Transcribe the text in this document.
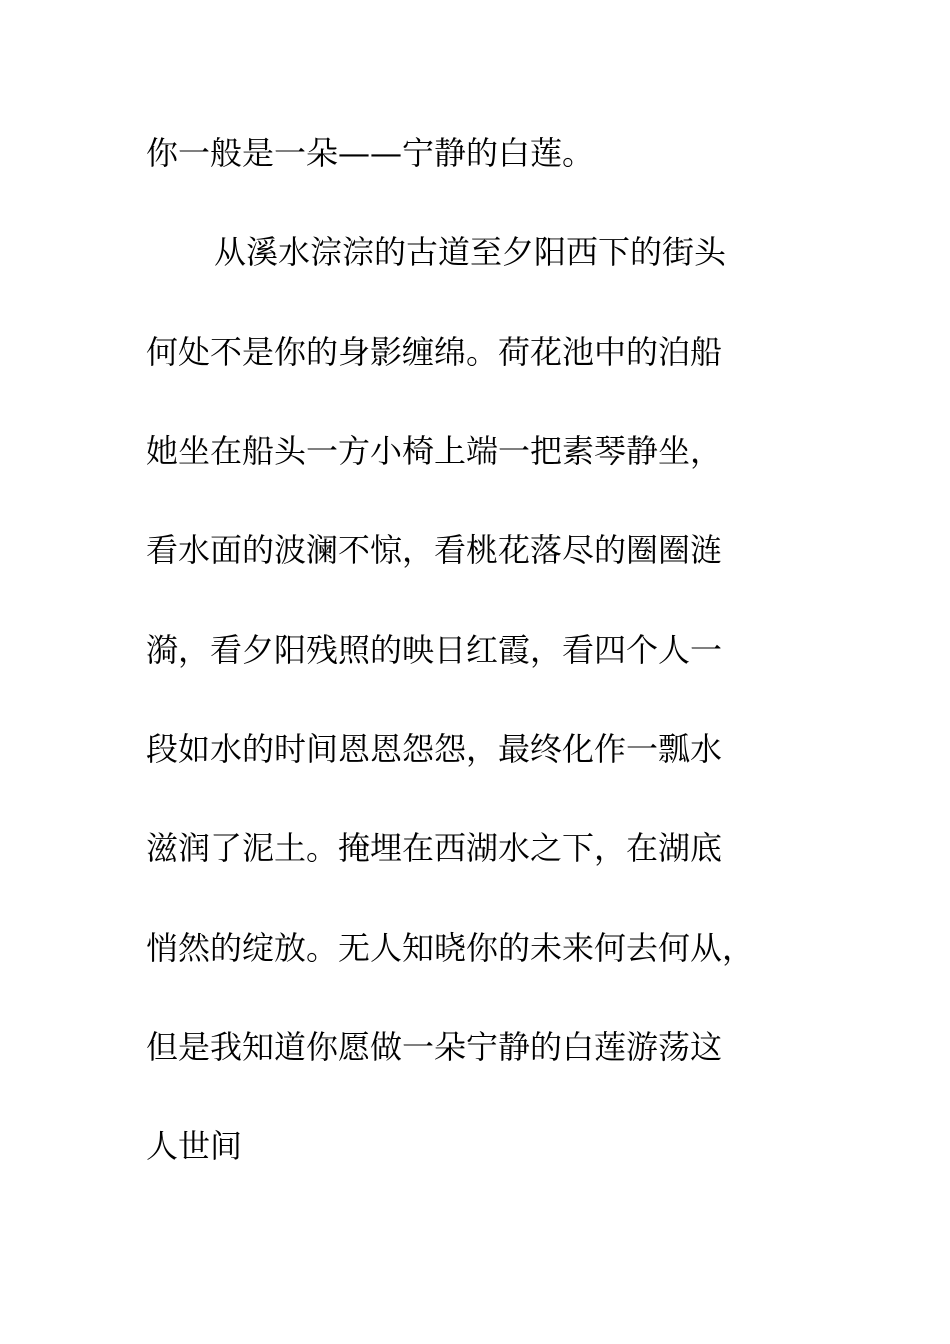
你一般是一朵——宁静的白莲。
从溪水淙淙的古道至夕阳西下的街头
何处不是你的身影缠绵。荷花池中的泊船
她坐在船头一方小椅上端一把素琴静坐，
看水面的波澜不惊，看桃花落尽的圈圈涟
漪，看夕阳残照的映日红霞，看四个人一
段如水的时间恩恩怨怨，最终化作一瓢水
滋润了泥土。掩埋在西湖水之下，在湖底
悄然的绽放。无人知晓你的未来何去何从，
但是我知道你愿做一朵宁静的白莲游荡这
人世间
